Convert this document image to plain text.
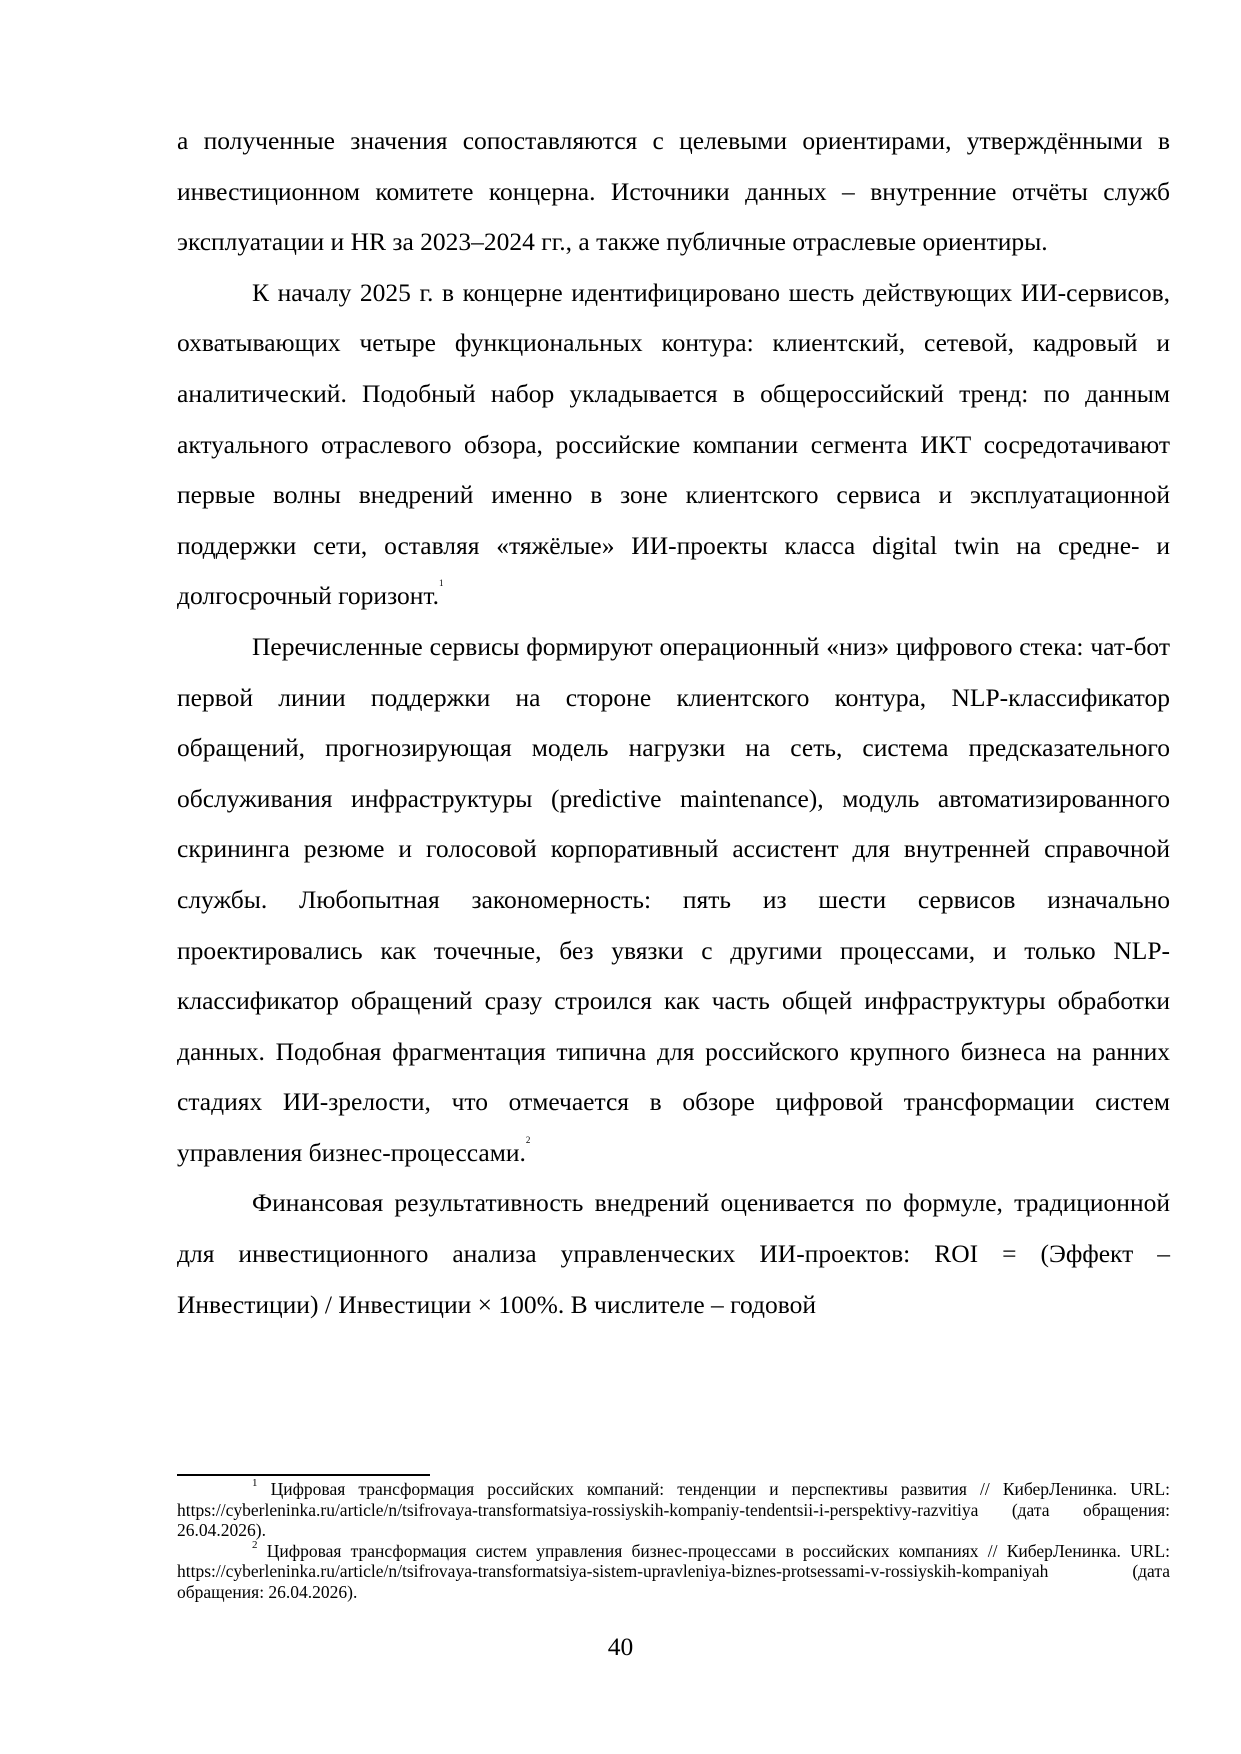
а полученные значения сопоставляются с целевыми ориентирами, утверждёнными в инвестиционном комитете концерна. Источники данных – внутренние отчёты служб эксплуатации и HR за 2023–2024 гг., а также публичные отраслевые ориентиры.

К началу 2025 г. в концерне идентифицировано шесть действующих ИИ-сервисов, охватывающих четыре функциональных контура: клиентский, сетевой, кадровый и аналитический. Подобный набор укладывается в общероссийский тренд: по данным актуального отраслевого обзора, российские компании сегмента ИКТ сосредотачивают первые волны внедрений именно в зоне клиентского сервиса и эксплуатационной поддержки сети, оставляя «тяжёлые» ИИ-проекты класса digital twin на средне- и долгосрочный горизонт.$^1$

Перечисленные сервисы формируют операционный «низ» цифрового стека: чат-бот первой линии поддержки на стороне клиентского контура, NLP-классификатор обращений, прогнозирующая модель нагрузки на сеть, система предсказательного обслуживания инфраструктуры (predictive maintenance), модуль автоматизированного скрининга резюме и голосовой корпоративный ассистент для внутренней справочной службы. Любопытная закономерность: пять из шести сервисов изначально проектировались как точечные, без увязки с другими процессами, и только NLP-классификатор обращений сразу строился как часть общей инфраструктуры обработки данных. Подобная фрагментация типична для российского крупного бизнеса на ранних стадиях ИИ-зрелости, что отмечается в обзоре цифровой трансформации систем управления бизнес-процессами.$^2$

Финансовая результативность внедрений оценивается по формуле, традиционной для инвестиционного анализа управленческих ИИ-проектов: ROI = (Эффект – Инвестиции) / Инвестиции × 100%. В числителе – годовой

$^1$ Цифровая трансформация российских компаний: тенденции и перспективы развития // КиберЛенинка. URL: https://cyberleninka.ru/article/n/tsifrovaya-transformatsiya-rossiyskih-kompaniy-tendentsii-i-perspektivy-razvitiya (дата обращения: 26.04.2026).

$^2$ Цифровая трансформация систем управления бизнес-процессами в российских компаниях // КиберЛенинка. URL: https://cyberleninka.ru/article/n/tsifrovaya-transformatsiya-sistem-upravleniya-biznes-protsessami-v-rossiyskih-kompaniyah (дата обращения: 26.04.2026).

40
